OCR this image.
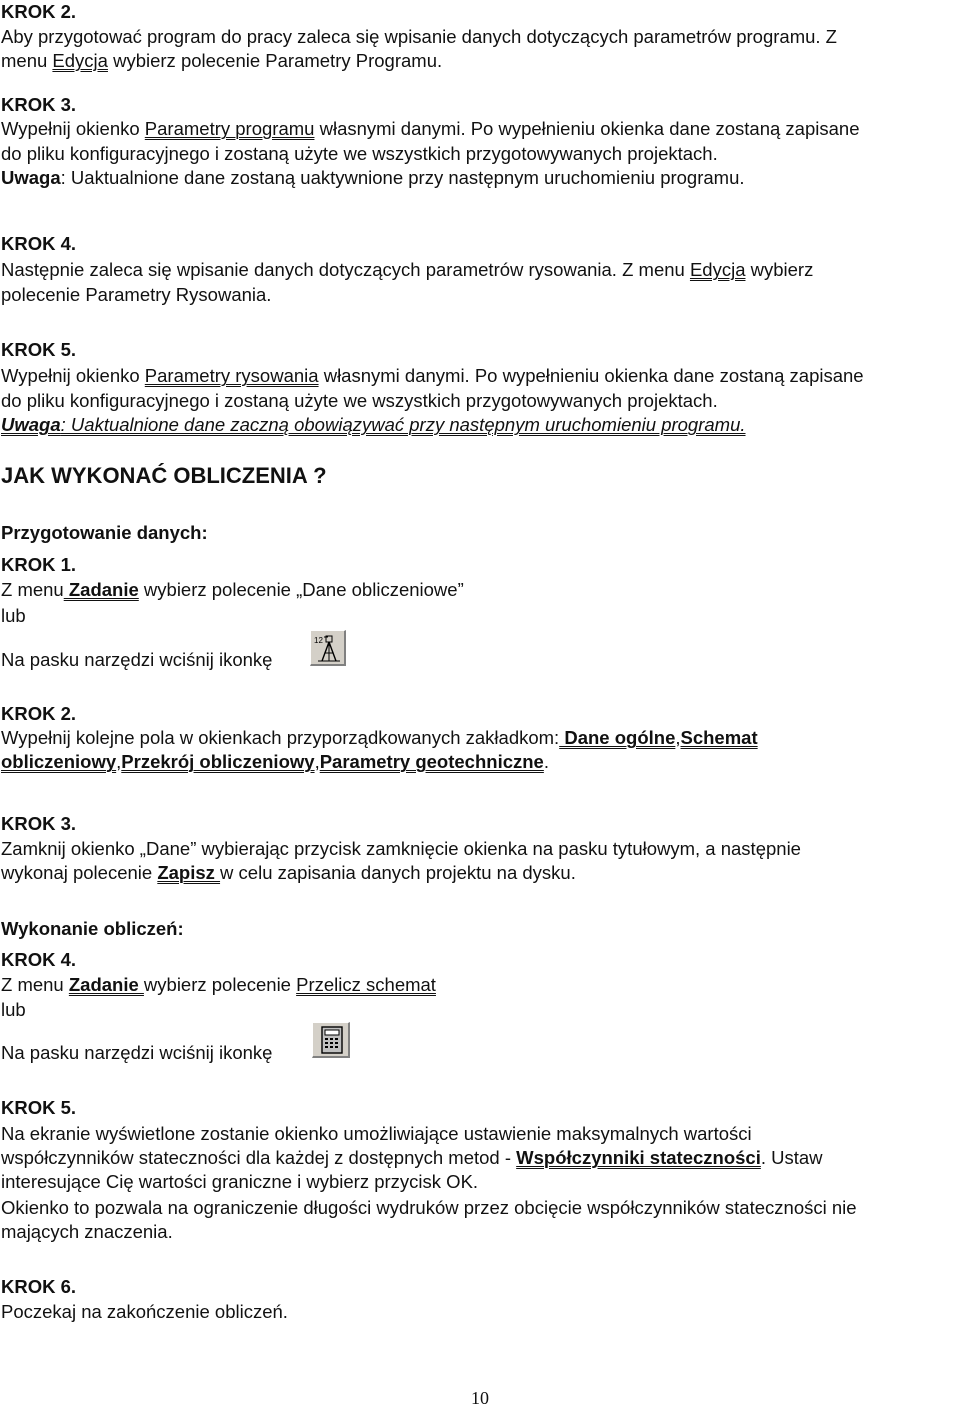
KROK 2.
Aby przygotować program do pracy zaleca się wpisanie danych dotyczących parametrów programu. Z
menu Edycja wybierz polecenie Parametry Programu.
KROK 3.
Wypełnij okienko Parametry programu własnymi danymi. Po wypełnieniu okienka dane zostaną zapisane
do pliku konfiguracyjnego i zostaną użyte we wszystkich przygotowywanych projektach.
Uwaga: Uaktualnione dane zostaną uaktywnione przy następnym uruchomieniu programu.
KROK 4.
Następnie zaleca się wpisanie danych dotyczących parametrów rysowania. Z menu Edycja wybierz
polecenie Parametry Rysowania.
KROK 5.
Wypełnij okienko Parametry rysowania własnymi danymi. Po wypełnieniu okienka dane zostaną zapisane
do pliku konfiguracyjnego i zostaną użyte we wszystkich przygotowywanych projektach.
Uwaga: Uaktualnione dane zaczną obowiązywać przy następnym uruchomieniu programu.
JAK WYKONAĆ OBLICZENIA ?
Przygotowanie danych:
KROK 1.
Z menu Zadanie wybierz polecenie „Dane obliczeniowe”
lub
Na pasku narzędzi wciśnij ikonkę
12
KROK 2.
Wypełnij kolejne pola w okienkach przyporządkowanych zakładkom: Dane ogólne,Schemat
obliczeniowy,Przekrój obliczeniowy,Parametry geotechniczne.
KROK 3.
Zamknij okienko „Dane” wybierając przycisk zamknięcie okienka na pasku tytułowym, a następnie
wykonaj polecenie Zapisz w celu zapisania danych projektu na dysku.
Wykonanie obliczeń:
KROK 4.
Z menu Zadanie wybierz polecenie Przelicz schemat
lub
Na pasku narzędzi wciśnij ikonkę
KROK 5.
Na ekranie wyświetlone zostanie okienko umożliwiające ustawienie maksymalnych wartości
współczynników stateczności dla każdej z dostępnych metod - Współczynniki stateczności. Ustaw
interesujące Cię wartości graniczne i wybierz przycisk OK.
Okienko to pozwala na ograniczenie długości wydruków przez obcięcie współczynników stateczności nie
mających znaczenia.
KROK 6.
Poczekaj na zakończenie obliczeń.
10
